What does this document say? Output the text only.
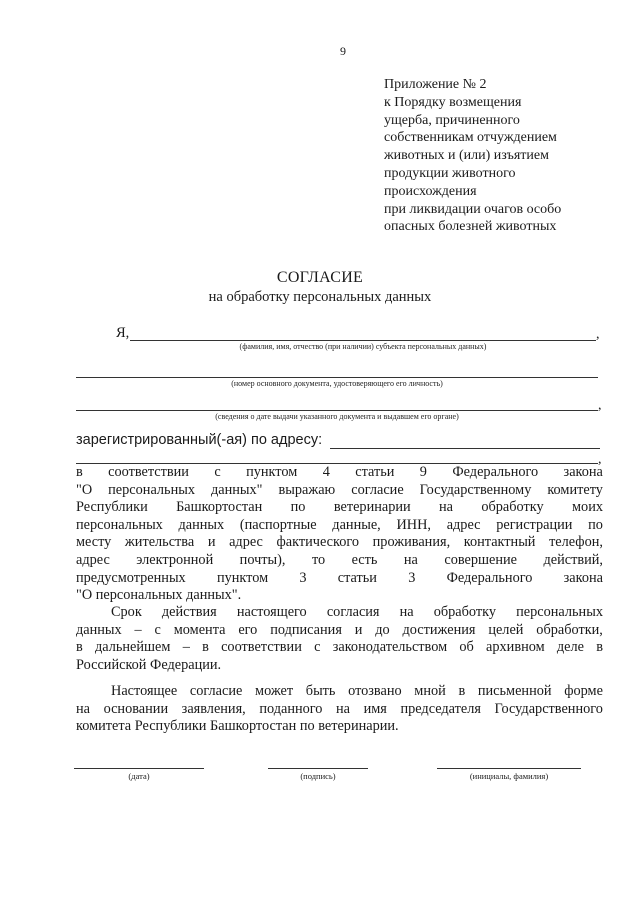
9
Приложение № 2
к Порядку возмещения
ущерба, причиненного
собственникам отчуждением
животных и (или) изъятием
продукции животного
происхождения
при ликвидации очагов особо
опасных болезней животных
СОГЛАСИЕ
на обработку персональных данных
Я,	,
(фамилия, имя, отчество (при наличии) субъекта персональных данных)
(номер основного документа, удостоверяющего его личность)
,
(сведения о дате выдачи указанного документа и выдавшем его органе)
зарегистрированный(-ая) по адресу:
,
в соответствии с пунктом 4 статьи 9 Федерального закона
"О персональных данных" выражаю согласие Государственному комитету
Республики Башкортостан по ветеринарии на обработку моих
персональных данных (паспортные данные, ИНН, адрес регистрации по
месту жительства и адрес фактического проживания, контактный телефон,
адрес электронной почты), то есть на совершение действий,
предусмотренных пунктом 3 статьи 3 Федерального закона
"О персональных данных".
Срок действия настоящего согласия на обработку персональных
данных – с момента его подписания и до достижения целей обработки,
в дальнейшем – в соответствии с законодательством об архивном деле в
Российской Федерации.
Настоящее согласие может быть отозвано мной в письменной форме
на основании заявления, поданного на имя председателя Государственного
комитета Республики Башкортостан по ветеринарии.
(дата)	(подпись)	(инициалы, фамилия)
